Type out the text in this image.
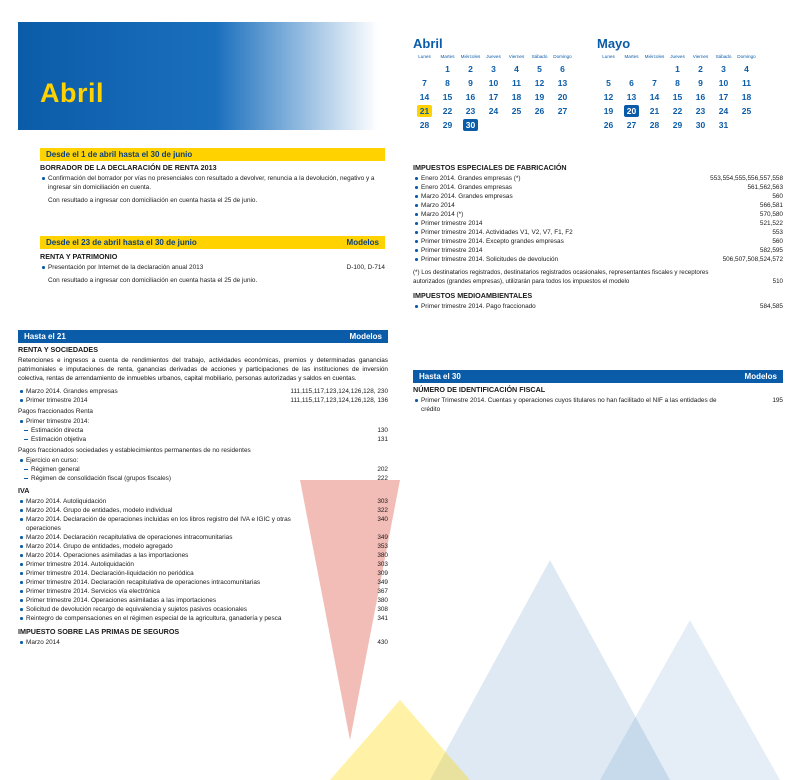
Abril
Abril
Lunes	Martes	Miércoles	Jueves	Viernes	Sábado	Domingo
	1	2	3	4	5	6
7	8	9	10	11	12	13
14	15	16	17	18	19	20
21	22	23	24	25	26	27
28	29	30				
Mayo
Lunes	Martes	Miércoles	Jueves	Viernes	Sábado	Domingo
			1	2	3	4
5	6	7	8	9	10	11
12	13	14	15	16	17	18
19	20	21	22	23	24	25
26	27	28	29	30	31	
Desde el 1 de abril hasta el 30 de junio
BORRADOR DE LA DECLARACIÓN DE RENTA 2013
Confirmación del borrador por vías no presenciales con resultado a devolver, renuncia a la devolución, negativo y a ingresar sin domiciliación en cuenta.
Con resultado a ingresar con domiciliación en cuenta hasta el 25 de junio.
Modelos
Desde el 23 de abril hasta el 30 de junio
RENTA Y PATRIMONIO
Presentación por Internet de la declaración anual 2013	D-100, D-714
Con resultado a ingresar con domiciliación en cuenta hasta el 25 de junio.
Modelos
Hasta el 21
RENTA Y SOCIEDADES

Retenciones e ingresos a cuenta de rendimientos del trabajo, actividades económicas, premios y determinadas ganancias patrimoniales e imputaciones de renta, ganancias derivadas de acciones y participaciones de las instituciones de inversión colectiva, rentas de arrendamiento de inmuebles urbanos, capital mobiliario, personas autorizadas y saldos en cuentas.

Marzo 2014. Grandes empresas	111,115,117,123,124,126,128, 230
Primer trimestre 2014	111,115,117,123,124,126,128, 136
Pagos fraccionados Renta
Primer trimestre 2014:
Estimación directa	130
Estimación objetiva	131
Pagos fraccionados sociedades y establecimientos permanentes de no residentes
Ejercicio en curso:
Régimen general	202
Régimen de consolidación fiscal (grupos fiscales)	222
IVA
Marzo 2014. Autoliquidación	303
Marzo 2014. Grupo de entidades, modelo individual	322
Marzo 2014. Declaración de operaciones incluidas en los libros registro del IVA e IGIC y otras operaciones
340
Marzo 2014. Declaración recapitulativa de operaciones intracomunitarias	349
Marzo 2014. Grupo de entidades, modelo agregado	353
Marzo 2014. Operaciones asimiladas a las importaciones	380
Primer trimestre 2014. Autoliquidación	303
Primer trimestre 2014. Declaración-liquidación no periódica	309
Primer trimestre 2014. Declaración recapitulativa de operaciones intracomunitarias	349
Primer trimestre 2014. Servicios vía electrónica	367
Primer trimestre 2014. Operaciones asimiladas a las importaciones	380
Solicitud de devolución recargo de equivalencia y sujetos pasivos ocasionales	308
Reintegro de compensaciones en el régimen especial de la agricultura, ganadería y pesca	341
IMPUESTO SOBRE LAS PRIMAS DE SEGUROS
Marzo 2014	430
IMPUESTOS ESPECIALES DE FABRICACIÓN
Enero 2014. Grandes empresas (*)	553,554,555,556,557,558
Enero 2014. Grandes empresas	561,562,563
Marzo 2014. Grandes empresas	560
Marzo 2014	566,581
Marzo 2014 (*)	570,580
Primer trimestre 2014	521,522
Primer trimestre 2014. Actividades V1, V2, V7, F1, F2	553
Primer trimestre 2014. Excepto grandes empresas	560
Primer trimestre 2014	582,595
Primer trimestre 2014. Solicitudes de devolución	506,507,508,524,572
(*) Los destinatarios registrados, destinatarios registrados ocasionales, representantes fiscales y receptores autorizados (grandes empresas), utilizarán para todos los impuestos el modelo	510
IMPUESTOS MEDIOAMBIENTALES
Primer trimestre 2014. Pago fraccionado	584,585
Modelos
Hasta el 30
NÚMERO DE IDENTIFICACIÓN FISCAL
Primer Trimestre 2014. Cuentas y operaciones cuyos titulares no han facilitado el NIF a las entidades de crédito
195
